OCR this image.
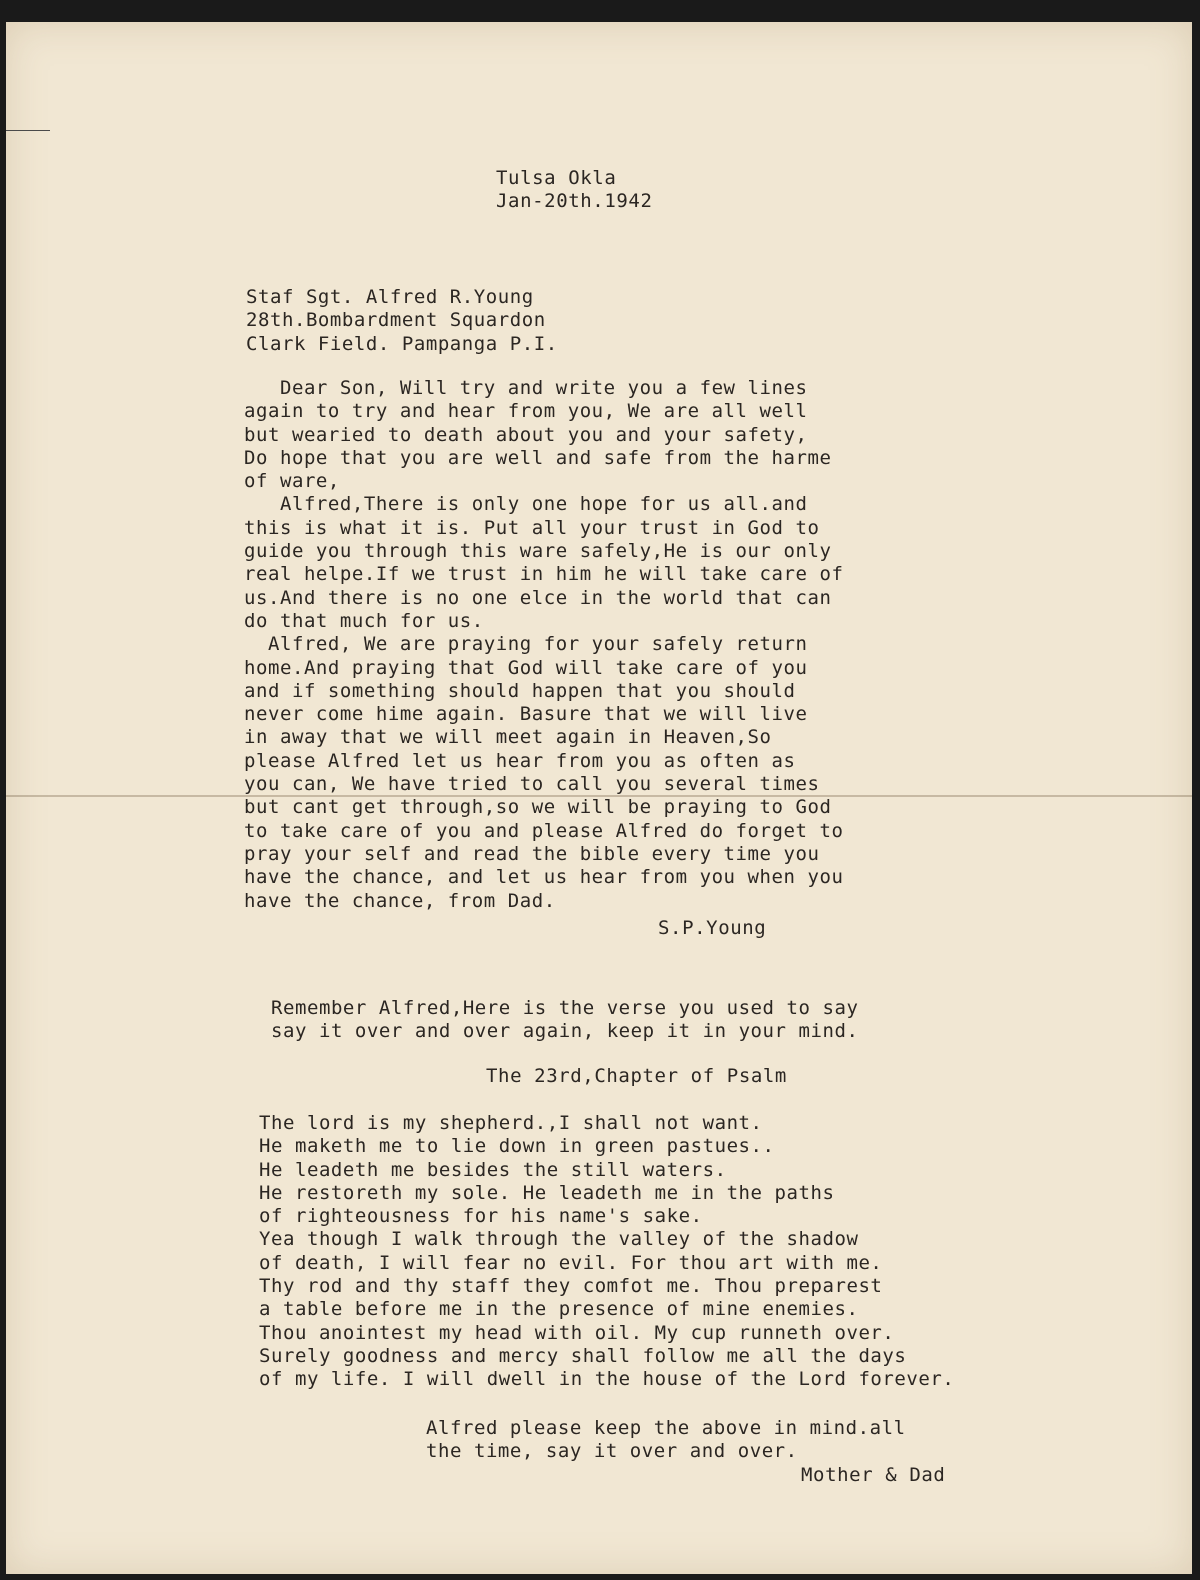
Tulsa Okla
Jan-20th.1942
Staf Sgt. Alfred R.Young
28th.Bombardment Squardon
Clark Field. Pampanga P.I.
Dear Son, Will try and write you a few lines
again to try and hear from you, We are all well
but wearied to death about you and your safety,
Do hope that you are well and safe from the harme
of ware,
Alfred,There is only one hope for us all.and
this is what it is. Put all your trust in God to
guide you through this ware safely,He is our only
real helpe.If we trust in him he will take care of
us.And there is no one elce in the world that can
do that much for us.
Alfred, We are praying for your safely return
home.And praying that God will take care of you
and if something should happen that you should
never come hime again. Basure that we will live
in away that we will meet again in Heaven,So
please Alfred let us hear from you as often as
you can, We have tried to call you several times
but cant get through,so we will be praying to God
to take care of you and please Alfred do forget to
pray your self and read the bible every time you
have the chance, and let us hear from you when you
have the chance, from Dad.
S.P.Young
Remember Alfred,Here is the verse you used to say
say it over and over again, keep it in your mind.
The 23rd,Chapter of Psalm
The lord is my shepherd.,I shall not want.
He maketh me to lie down in green pastues..
He leadeth me besides the still waters.
He restoreth my sole. He leadeth me in the paths
of righteousness for his name's sake.
Yea though I walk through the valley of the shadow
of death, I will fear no evil. For thou art with me.
Thy rod and thy staff they comfot me. Thou preparest
a table before me in the presence of mine enemies.
Thou anointest my head with oil. My cup runneth over.
Surely goodness and mercy shall follow me all the days
of my life. I will dwell in the house of the Lord forever.
Alfred please keep the above in mind.all
the time, say it over and over.
Mother & Dad
